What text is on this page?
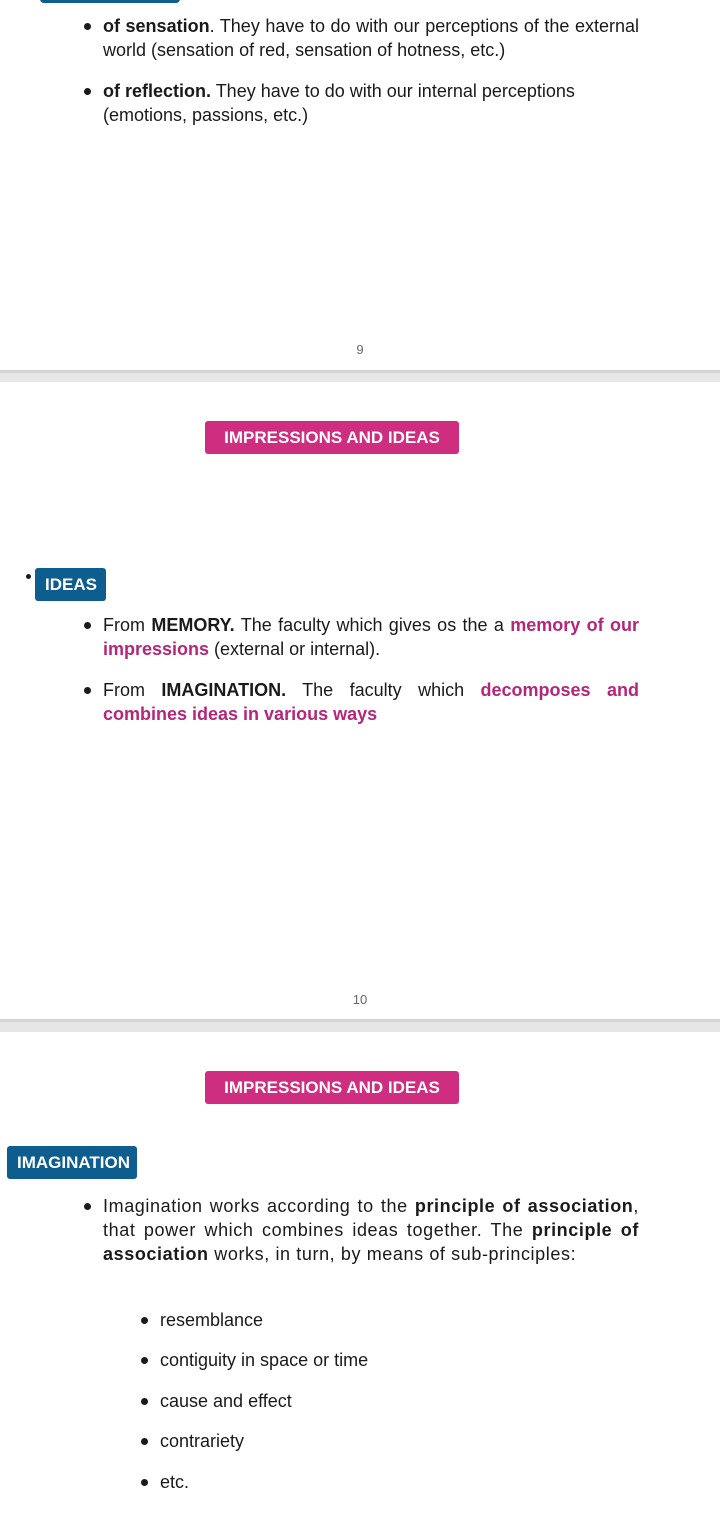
of sensation. They have to do with our perceptions of the external world (sensation of red, sensation of hotness, etc.)
of reflection. They have to do with our internal perceptions (emotions, passions, etc.)
9
IMPRESSIONS AND IDEAS
IDEAS
From MEMORY. The faculty which gives os the a memory of our impressions (external or internal).
From IMAGINATION. The faculty which decomposes and combines ideas in various ways
10
IMPRESSIONS AND IDEAS
IMAGINATION
Imagination works according to the principle of association, that power which combines ideas together. The principle of association works, in turn, by means of sub-principles:
resemblance
contiguity in space or time
cause and effect
contrariety
etc.
